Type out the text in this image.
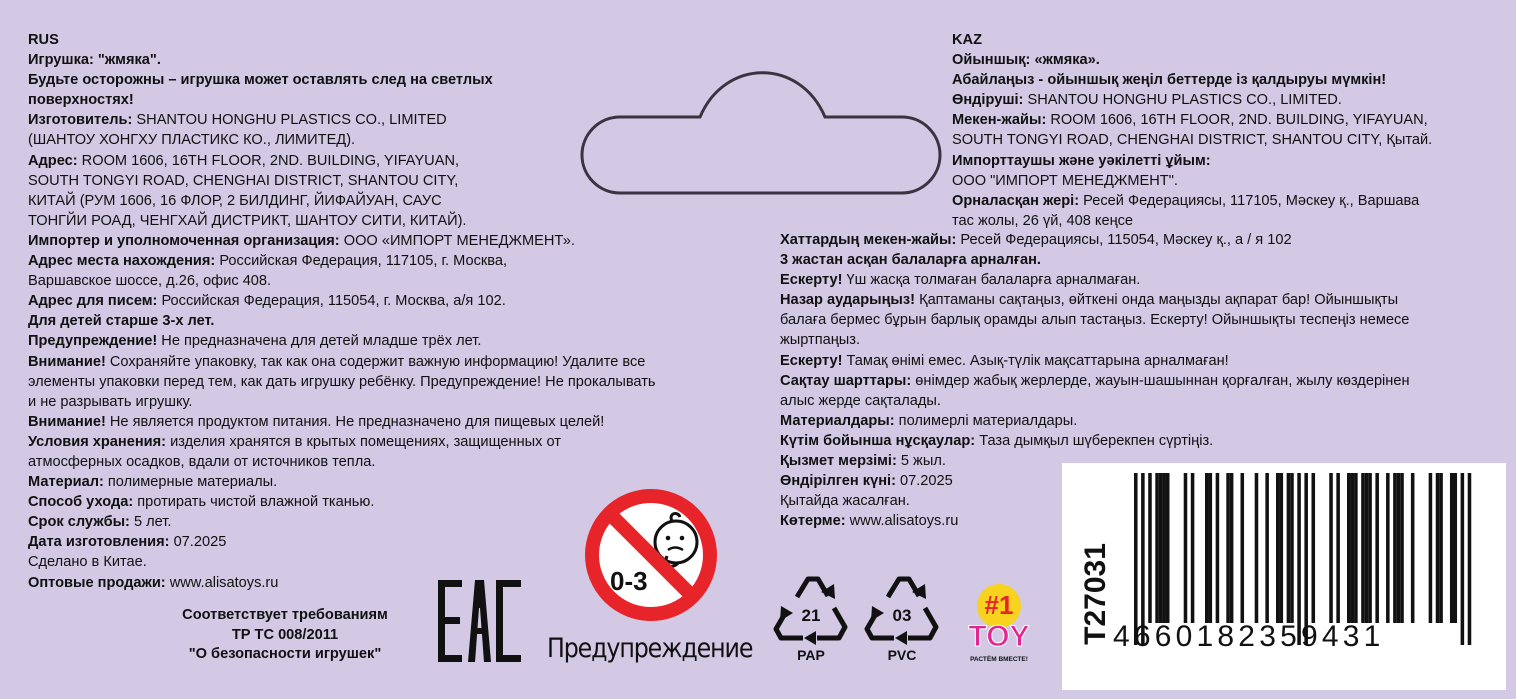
RUS

Игрушка: "жмяка".

Будьте осторожны – игрушка может оставлять след на светлых

поверхностях!

Изготовитель: SHANTOU HONGHU PLASTICS CO., LIMITED

(ШАНТОУ ХОНГХУ ПЛАСТИКС КО., ЛИМИТЕД).

Адрес: ROOM 1606, 16TH FLOOR, 2ND. BUILDING, YIFAYUAN,

SOUTH TONGYI ROAD, CHENGHAI DISTRICT, SHANTOU CITY,

КИТАЙ (РУМ 1606, 16 ФЛОР, 2 БИЛДИНГ, ЙИФАЙУАН, САУС

ТОНГЙИ РОАД, ЧЕНГХАЙ ДИСТРИКТ, ШАНТОУ СИТИ, КИТАЙ).

Импортер и уполномоченная организация: ООО «ИМПОРТ МЕНЕДЖМЕНТ».

Адрес места нахождения: Российская Федерация, 117105, г. Москва,

Варшавское шоссе, д.26, офис 408.

Адрес для писем: Российская Федерация, 115054, г. Москва, а/я 102.

Для детей старше 3-х лет.

Предупреждение! Не предназначена для детей младше трёх лет.

Внимание! Сохраняйте упаковку, так как она содержит важную информацию! Удалите все

элементы упаковки перед тем, как дать игрушку ребёнку. Предупреждение! Не прокалывать

и не разрывать игрушку.

Внимание! Не является продуктом питания. Не предназначено для пищевых целей!

Условия хранения: изделия хранятся в крытых помещениях, защищенных от

атмосферных осадков, вдали от источников тепла.

Материал: полимерные материалы.

Способ ухода: протирать чистой влажной тканью.

Срок службы: 5 лет.

Дата изготовления: 07.2025

Сделано в Китае.

Оптовые продажи: www.alisatoys.ru

KAZ

Ойыншық: «жмяка».

Абайлаңыз - ойыншық жеңіл беттерде із қалдыруы мүмкін!

Өндіруші: SHANTOU HONGHU PLASTICS CO., LIMITED.

Мекен-жайы: ROOM 1606, 16TH FLOOR, 2ND. BUILDING, YIFAYUAN,

SOUTH TONGYI ROAD, CHENGHAI DISTRICT, SHANTOU CITY, Қытай.

Импорттаушы және уәкілетті ұйым:

ООО "ИМПОРТ МЕНЕДЖМЕНТ".

Орналасқан жері: Ресей Федерациясы, 117105, Мәскеу қ., Варшава

тас жолы, 26 үй, 408 кеңсе

Хаттардың мекен-жайы: Ресей Федерациясы, 115054, Мәскеу қ., а / я 102

3 жастан асқан балаларға арналған.

Ескерту! Үш жасқа толмаған балаларға арналмаған.

Назар аударыңыз! Қаптаманы сақтаңыз, өйткені онда маңызды ақпарат бар! Ойыншықты

балаға бермес бұрын барлық орамды алып тастаңыз. Ескерту! Ойыншықты теспеңіз немесе

жыртпаңыз.

Ескерту! Тамақ өнімі емес. Азық-түлік мақсаттарына арналмаған!

Сақтау шарттары: өнімдер жабық жерлерде, жауын-шашыннан қорғалған, жылу көздерінен

алыс жерде сақталады.

Материалдары: полимерлі материалдары.

Күтім бойынша нұсқаулар: Таза дымқыл шүберекпен сүртіңіз.

Қызмет мерзімі: 5 жыл.

Өндірілген күні: 07.2025

Қытайда жасалған.

Көтерме: www.alisatoys.ru

Соответствует требованиям

ТР ТС 008/2011

"О безопасности игрушек"

0-3
Предупреждение
21
PAP
03
PVC
#1
TOY
РАСТЁМ ВМЕСТЕ!
T27031 4660182359431
